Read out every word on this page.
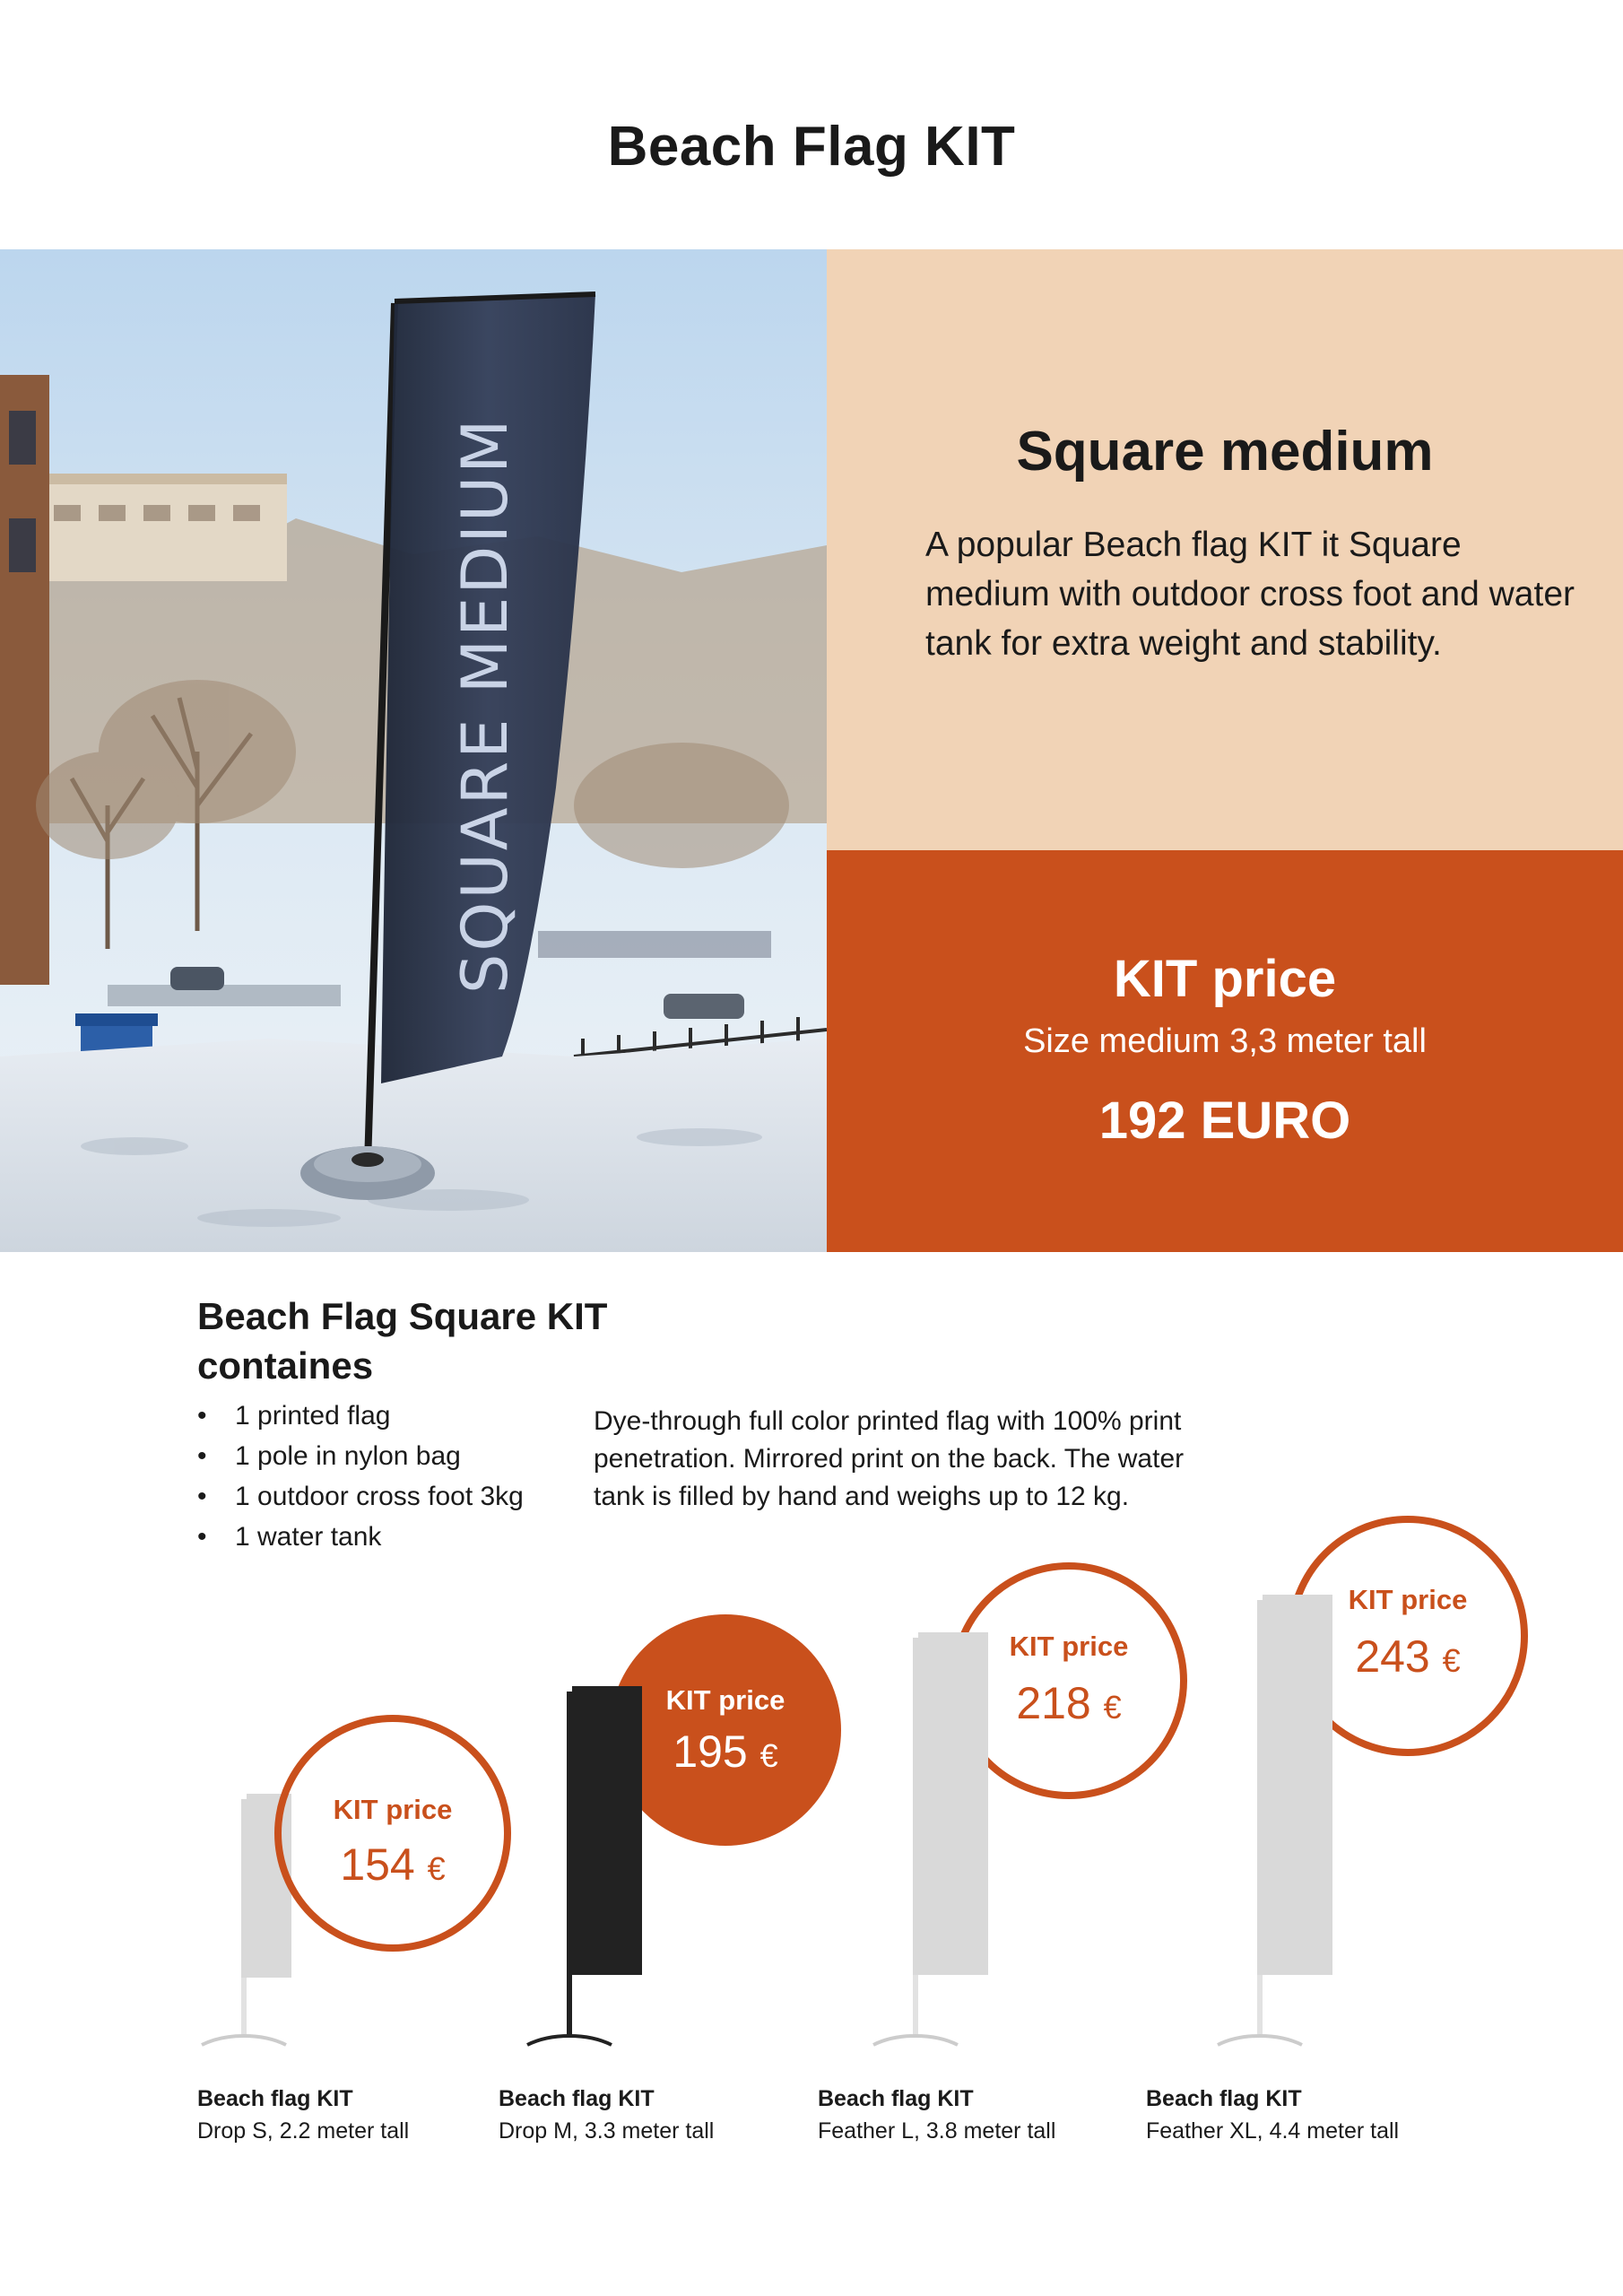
Beach Flag KIT
SQUARE MEDIUM	Square medium
A popular Beach flag KIT it Square medium with outdoor cross foot and water tank for extra weight and stability.
KIT price
Size medium 3,3 meter tall
192 EURO
Beach Flag Square KIT containes
• 1 printed flag
• 1 pole in nylon bag
• 1 outdoor cross foot 3kg
• 1 water tank
Dye-through full color printed flag with 100% print penetration. Mirrored print on the back. The water tank is filled by hand and weighs up to 12 kg.
KIT price
154 €
Beach flag KIT
Drop S, 2.2 meter tall
KIT price
195 €
Beach flag KIT
Drop M, 3.3 meter tall
KIT price
218 €
Beach flag KIT
Feather L, 3.8 meter tall
KIT price
243 €
Beach flag KIT
Feather XL, 4.4 meter tall
